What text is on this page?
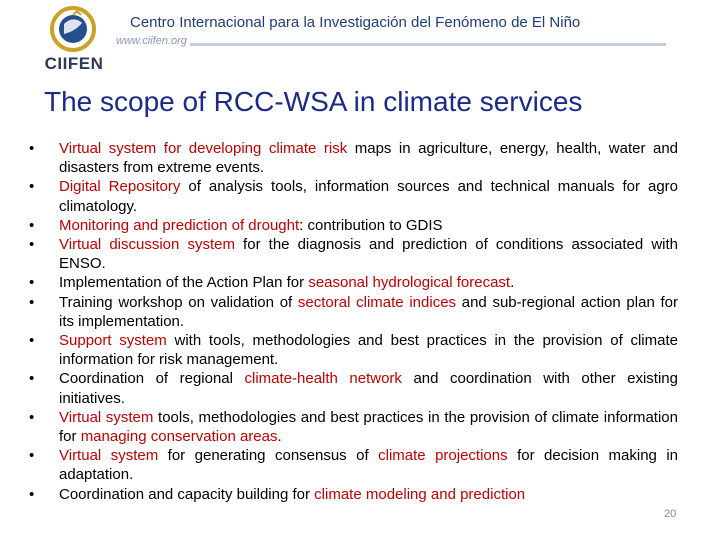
CIIFEN
Centro Internacional para la Investigación del Fenómeno de El Niño
www.ciifen.org
The scope of RCC-WSA in climate services
• Virtual system for developing climate risk maps in agriculture, energy, health, water and disasters from extreme events.
• Digital Repository of analysis tools, information sources and technical manuals for agro climatology.
• Monitoring and prediction of drought: contribution to GDIS
• Virtual discussion system for the diagnosis and prediction of conditions associated with ENSO.
• Implementation of the Action Plan for seasonal hydrological forecast.
• Training workshop on validation of sectoral climate indices and sub-regional action plan for its implementation.
• Support system with tools, methodologies and best practices in the provision of climate information for risk management.
• Coordination of regional climate-health network and coordination with other existing initiatives.
• Virtual system tools, methodologies and best practices in the provision of climate information for managing conservation areas.
• Virtual system for generating consensus of climate projections for decision making in adaptation.
• Coordination and capacity building for climate modeling and prediction
20
